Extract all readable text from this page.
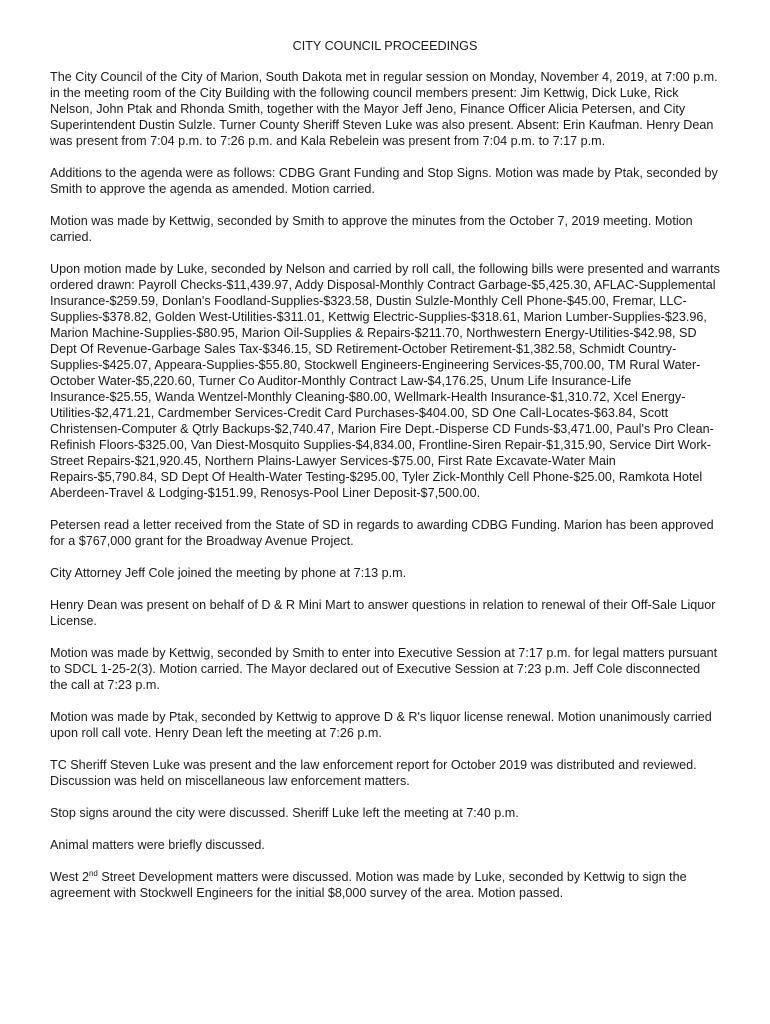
CITY COUNCIL PROCEEDINGS

The City Council of the City of Marion, South Dakota met in regular session on Monday, November 4, 2019, at 7:00 p.m. in the meeting room of the City Building with the following council members present: Jim Kettwig, Dick Luke, Rick Nelson, John Ptak and Rhonda Smith, together with the Mayor Jeff Jeno, Finance Officer Alicia Petersen, and City Superintendent Dustin Sulzle. Turner County Sheriff Steven Luke was also present. Absent: Erin Kaufman. Henry Dean was present from 7:04 p.m. to 7:26 p.m. and Kala Rebelein was present from 7:04 p.m. to 7:17 p.m.

Additions to the agenda were as follows: CDBG Grant Funding and Stop Signs. Motion was made by Ptak, seconded by Smith to approve the agenda as amended. Motion carried.

Motion was made by Kettwig, seconded by Smith to approve the minutes from the October 7, 2019 meeting. Motion carried.

Upon motion made by Luke, seconded by Nelson and carried by roll call, the following bills were presented and warrants ordered drawn: Payroll Checks-$11,439.97, Addy Disposal-Monthly Contract Garbage-$5,425.30, AFLAC-Supplemental Insurance-$259.59, Donlan's Foodland-Supplies-$323.58, Dustin Sulzle-Monthly Cell Phone-$45.00, Fremar, LLC-Supplies-$378.82, Golden West-Utilities-$311.01, Kettwig Electric-Supplies-$318.61, Marion Lumber-Supplies-$23.96, Marion Machine-Supplies-$80.95, Marion Oil-Supplies & Repairs-$211.70, Northwestern Energy-Utilities-$42.98, SD Dept Of Revenue-Garbage Sales Tax-$346.15, SD Retirement-October Retirement-$1,382.58, Schmidt Country-Supplies-$425.07, Appeara-Supplies-$55.80, Stockwell Engineers-Engineering Services-$5,700.00, TM Rural Water-October Water-$5,220.60, Turner Co Auditor-Monthly Contract Law-$4,176.25, Unum Life Insurance-Life Insurance-$25.55, Wanda Wentzel-Monthly Cleaning-$80.00, Wellmark-Health Insurance-$1,310.72, Xcel Energy-Utilities-$2,471.21, Cardmember Services-Credit Card Purchases-$404.00, SD One Call-Locates-$63.84, Scott Christensen-Computer & Qtrly Backups-$2,740.47, Marion Fire Dept.-Disperse CD Funds-$3,471.00, Paul's Pro Clean-Refinish Floors-$325.00, Van Diest-Mosquito Supplies-$4,834.00, Frontline-Siren Repair-$1,315.90, Service Dirt Work-Street Repairs-$21,920.45, Northern Plains-Lawyer Services-$75.00, First Rate Excavate-Water Main Repairs-$5,790.84, SD Dept Of Health-Water Testing-$295.00, Tyler Zick-Monthly Cell Phone-$25.00, Ramkota Hotel Aberdeen-Travel & Lodging-$151.99, Renosys-Pool Liner Deposit-$7,500.00.

Petersen read a letter received from the State of SD in regards to awarding CDBG Funding. Marion has been approved for a $767,000 grant for the Broadway Avenue Project.

City Attorney Jeff Cole joined the meeting by phone at 7:13 p.m.

Henry Dean was present on behalf of D & R Mini Mart to answer questions in relation to renewal of their Off-Sale Liquor License.

Motion was made by Kettwig, seconded by Smith to enter into Executive Session at 7:17 p.m. for legal matters pursuant to SDCL 1-25-2(3). Motion carried. The Mayor declared out of Executive Session at 7:23 p.m. Jeff Cole disconnected the call at 7:23 p.m.

Motion was made by Ptak, seconded by Kettwig to approve D & R's liquor license renewal. Motion unanimously carried upon roll call vote. Henry Dean left the meeting at 7:26 p.m.

TC Sheriff Steven Luke was present and the law enforcement report for October 2019 was distributed and reviewed. Discussion was held on miscellaneous law enforcement matters.

Stop signs around the city were discussed. Sheriff Luke left the meeting at 7:40 p.m.

Animal matters were briefly discussed.

West 2nd Street Development matters were discussed. Motion was made by Luke, seconded by Kettwig to sign the agreement with Stockwell Engineers for the initial $8,000 survey of the area. Motion passed.
